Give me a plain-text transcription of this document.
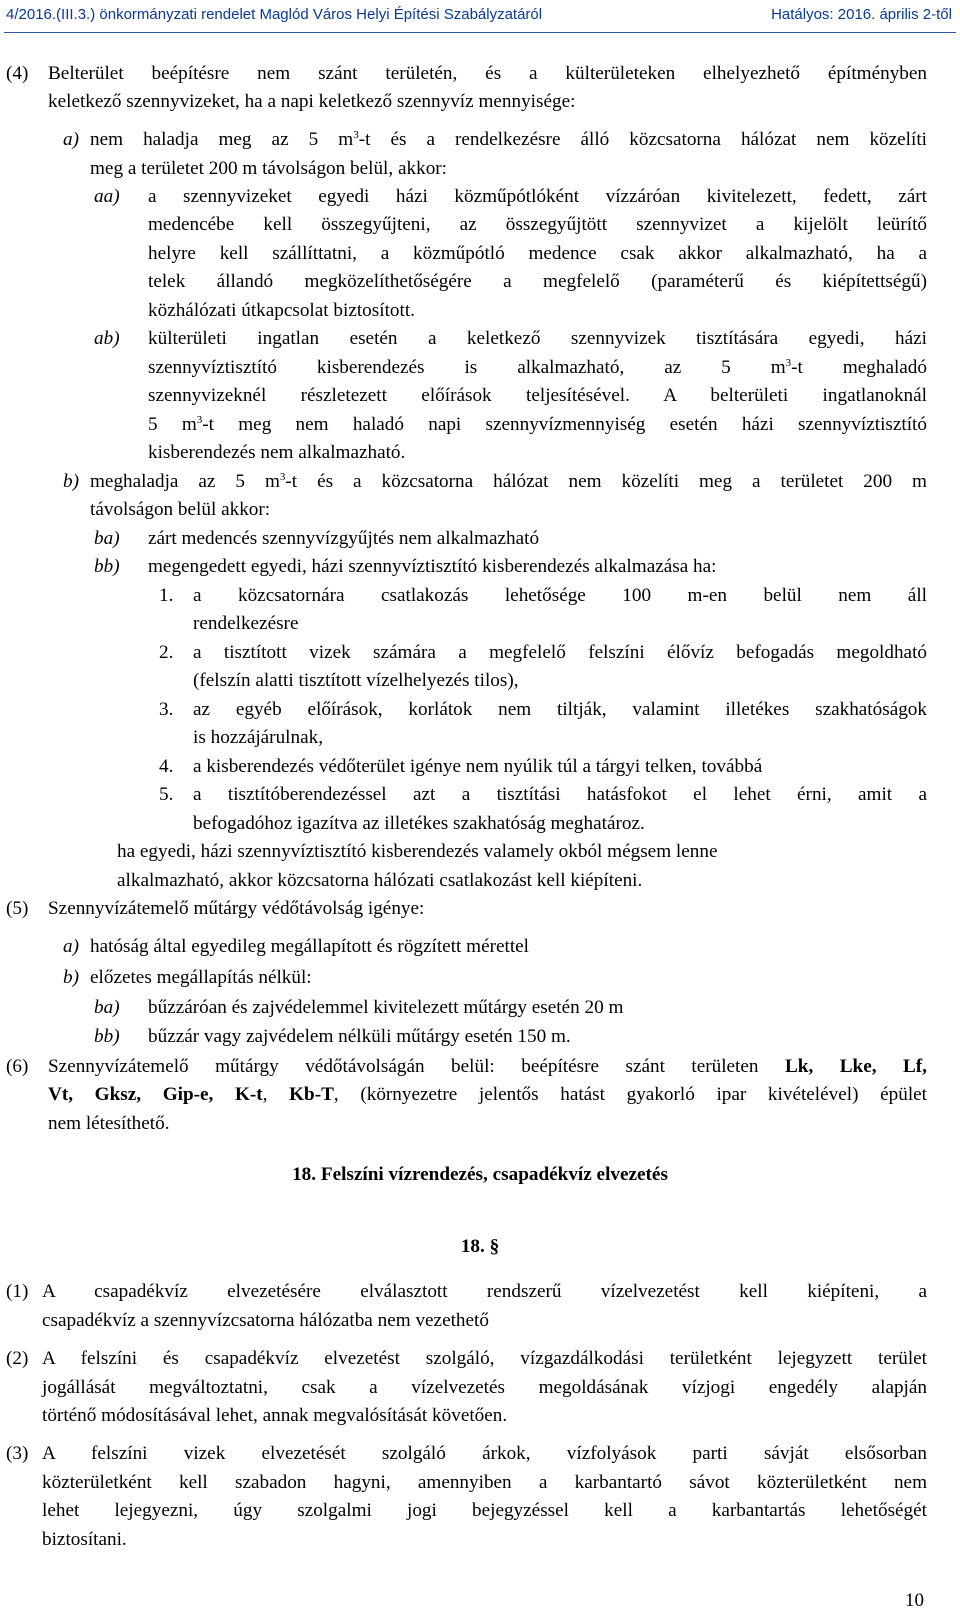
4/2016.(III.3.) önkormányzati rendelet Maglód Város Helyi Építési Szabályzatáról	Hatályos: 2016. április 2-től
(4) Belterület beépítésre nem szánt területén, és a külterületeken elhelyezhető építményben
keletkező szennyvizeket, ha a napi keletkező szennyvíz mennyisége:
a) nem haladja meg az 5 $m^3-t$ és a rendelkezésre álló közcsatorna hálózat nem közelíti
meg a területet 200 m távolságon belül, akkor:
aa) a szennyvizeket egyedi házi közműpótlóként vízzáróan kivitelezett, fedett, zárt
medencébe kell összegyűjteni, az összegyűjtött szennyvizet a kijelölt leürítő
helyre kell szállíttatni, a közműpótló medence csak akkor alkalmazható, ha a
telek állandó megközelíthetőségére a megfelelő (paraméterű és kiépítettségű)
közhálózati útkapcsolat biztosított.
ab) külterületi ingatlan esetén a keletkező szennyvizek tisztítására egyedi, házi
szennyvíztisztító kisberendezés is alkalmazható, az 5 $m^3-t$ meghaladó
szennyvizeknél részletezett előírások teljesítésével. A belterületi ingatlanoknál
5 $m^3-t$ meg nem haladó napi szennyvízmennyiség esetén házi szennyvíztisztító
kisberendezés nem alkalmazható.
b) meghaladja az 5 $m^3-t$ és a közcsatorna hálózat nem közelíti meg a területet 200 m
távolságon belül akkor:
ba) zárt medencés szennyvízgyűjtés nem alkalmazható
bb) megengedett egyedi, házi szennyvíztisztító kisberendezés alkalmazása ha:
1. a közcsatornára csatlakozás lehetősége 100 m-en belül nem áll
rendelkezésre
2. a tisztított vizek számára a megfelelő felszíni élővíz befogadás megoldható
(felszín alatti tisztított vízelhelyezés tilos),
3. az egyéb előírások, korlátok nem tiltják, valamint illetékes szakhatóságok
is hozzájárulnak,
4. a kisberendezés védőterület igénye nem nyúlik túl a tárgyi telken, továbbá
5. a tisztítóberendezéssel azt a tisztítási hatásfokot el lehet érni, amit a
befogadóhoz igazítva az illetékes szakhatóság meghatároz.
ha egyedi, házi szennyvíztisztító kisberendezés valamely okból mégsem lenne
alkalmazható, akkor közcsatorna hálózati csatlakozást kell kiépíteni.
(5) Szennyvízátemelő műtárgy védőtávolság igénye:
a) hatóság által egyedileg megállapított és rögzített mérettel
b) előzetes megállapítás nélkül:
ba) bűzzáróan és zajvédelemmel kivitelezett műtárgy esetén 20 m
bb) bűzzár vagy zajvédelem nélküli műtárgy esetén 150 m.
(6) Szennyvízátemelő műtárgy védőtávolságán belül: beépítésre szánt területen Lk, Lke, Lf,
Vt, Gksz, Gip-e, K-t, Kb-T, (környezetre jelentős hatást gyakorló ipar kivételével) épület
nem létesíthető.
18. Felszíni vízrendezés, csapadékvíz elvezetés
18. §
(1) A csapadékvíz elvezetésére elválasztott rendszerű vízelvezetést kell kiépíteni, a
csapadékvíz a szennyvízcsatorna hálózatba nem vezethető
(2) A felszíni és csapadékvíz elvezetést szolgáló, vízgazdálkodási területként lejegyzett terület
jogállását megváltoztatni, csak a vízelvezetés megoldásának vízjogi engedély alapján
történő módosításával lehet, annak megvalósítását követően.
(3) A felszíni vizek elvezetését szolgáló árkok, vízfolyások parti sávját elsősorban
közterületként kell szabadon hagyni, amennyiben a karbantartó sávot közterületként nem
lehet lejegyezni, úgy szolgalmi jogi bejegyzéssel kell a karbantartás lehetőségét
biztosítani.
10
